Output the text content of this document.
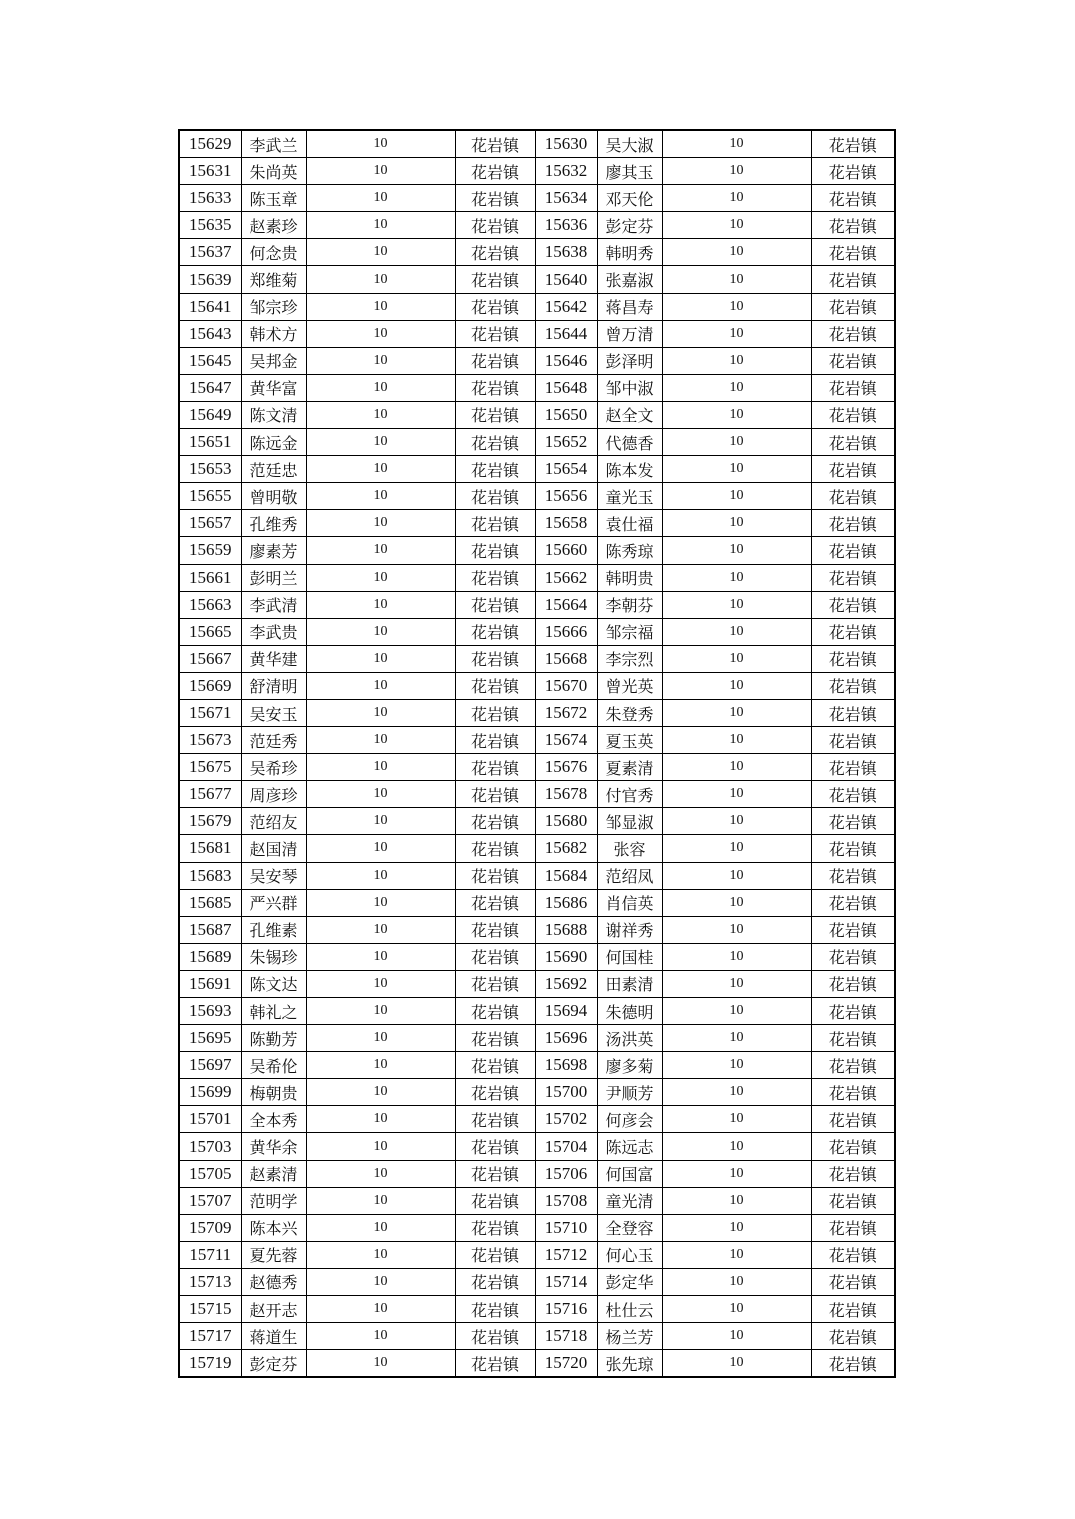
15629	李武兰	10	花岩镇	15630	吴大淑	10	花岩镇
15631	朱尚英	10	花岩镇	15632	廖其玉	10	花岩镇
15633	陈玉章	10	花岩镇	15634	邓天伦	10	花岩镇
15635	赵素珍	10	花岩镇	15636	彭定芬	10	花岩镇
15637	何念贵	10	花岩镇	15638	韩明秀	10	花岩镇
15639	郑维菊	10	花岩镇	15640	张嘉淑	10	花岩镇
15641	邹宗珍	10	花岩镇	15642	蒋昌寿	10	花岩镇
15643	韩术方	10	花岩镇	15644	曾万清	10	花岩镇
15645	吴邦金	10	花岩镇	15646	彭泽明	10	花岩镇
15647	黄华富	10	花岩镇	15648	邹中淑	10	花岩镇
15649	陈文清	10	花岩镇	15650	赵全文	10	花岩镇
15651	陈远金	10	花岩镇	15652	代德香	10	花岩镇
15653	范廷忠	10	花岩镇	15654	陈本发	10	花岩镇
15655	曾明敬	10	花岩镇	15656	童光玉	10	花岩镇
15657	孔维秀	10	花岩镇	15658	袁仕福	10	花岩镇
15659	廖素芳	10	花岩镇	15660	陈秀琼	10	花岩镇
15661	彭明兰	10	花岩镇	15662	韩明贵	10	花岩镇
15663	李武清	10	花岩镇	15664	李朝芬	10	花岩镇
15665	李武贵	10	花岩镇	15666	邹宗福	10	花岩镇
15667	黄华建	10	花岩镇	15668	李宗烈	10	花岩镇
15669	舒清明	10	花岩镇	15670	曾光英	10	花岩镇
15671	吴安玉	10	花岩镇	15672	朱登秀	10	花岩镇
15673	范廷秀	10	花岩镇	15674	夏玉英	10	花岩镇
15675	吴希珍	10	花岩镇	15676	夏素清	10	花岩镇
15677	周彦珍	10	花岩镇	15678	付官秀	10	花岩镇
15679	范绍友	10	花岩镇	15680	邹显淑	10	花岩镇
15681	赵国清	10	花岩镇	15682	张容	10	花岩镇
15683	吴安琴	10	花岩镇	15684	范绍凤	10	花岩镇
15685	严兴群	10	花岩镇	15686	肖信英	10	花岩镇
15687	孔维素	10	花岩镇	15688	谢祥秀	10	花岩镇
15689	朱锡珍	10	花岩镇	15690	何国桂	10	花岩镇
15691	陈文达	10	花岩镇	15692	田素清	10	花岩镇
15693	韩礼之	10	花岩镇	15694	朱德明	10	花岩镇
15695	陈勤芳	10	花岩镇	15696	汤洪英	10	花岩镇
15697	吴希伦	10	花岩镇	15698	廖多菊	10	花岩镇
15699	梅朝贵	10	花岩镇	15700	尹顺芳	10	花岩镇
15701	全本秀	10	花岩镇	15702	何彦会	10	花岩镇
15703	黄华余	10	花岩镇	15704	陈远志	10	花岩镇
15705	赵素清	10	花岩镇	15706	何国富	10	花岩镇
15707	范明学	10	花岩镇	15708	童光清	10	花岩镇
15709	陈本兴	10	花岩镇	15710	全登容	10	花岩镇
15711	夏先蓉	10	花岩镇	15712	何心玉	10	花岩镇
15713	赵德秀	10	花岩镇	15714	彭定华	10	花岩镇
15715	赵开志	10	花岩镇	15716	杜仕云	10	花岩镇
15717	蒋道生	10	花岩镇	15718	杨兰芳	10	花岩镇
15719	彭定芬	10	花岩镇	15720	张先琼	10	花岩镇
